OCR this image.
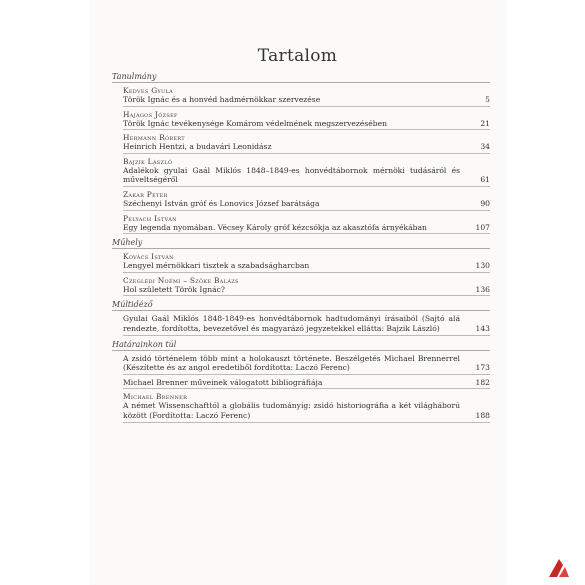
Tartalom
Tanulmány
Kedves Gyula
Török Ignác és a honvéd hadmérnökkar szervezése	5
Hajagos József
Török Ignác tevékenysége Komárom védelmének megszervezésében	21
Hermann Róbert
Heinrich Hentzi, a budavári Leonidász	34
Bajzik László
Adalékok gyulai Gaál Miklós 1848–1849-es honvédtábornok mérnöki tudásáról és műveltségéről	61
Zakar Péter
Széchenyi István gróf és Lonovics József barátsága	90
Pelyach István
Egy legenda nyomában. Vécsey Károly gróf kézcsókja az akasztófa árnyékában	107
Műhely
Kovács István
Lengyel mérnökkari tisztek a szabadságharcban	130
Czeglédi Noémi – Szőke Balázs
Hol született Török Ignác?	136
Múltidéző
Gyulai Gaál Miklós 1848-1849-es honvédtábornok hadtudományi írásaiból (Sajtó alá rendezte, fordította, bevezetővel és magyarázó jegyzetekkel ellátta: Bajzik László)	143
Határainkon túl
A zsidó történelem több mint a holokauszt története. Beszélgetés Michael Brennerrel (Készítette és az angol eredetiből fordította: Laczó Ferenc)	173
Michael Brenner műveinek válogatott bibliográfiája	182
Michael Brenner
A német Wissenschafttól a globális tudományig: zsidó historiográfia a két világháború között (Fordította: Laczó Ferenc)	188
